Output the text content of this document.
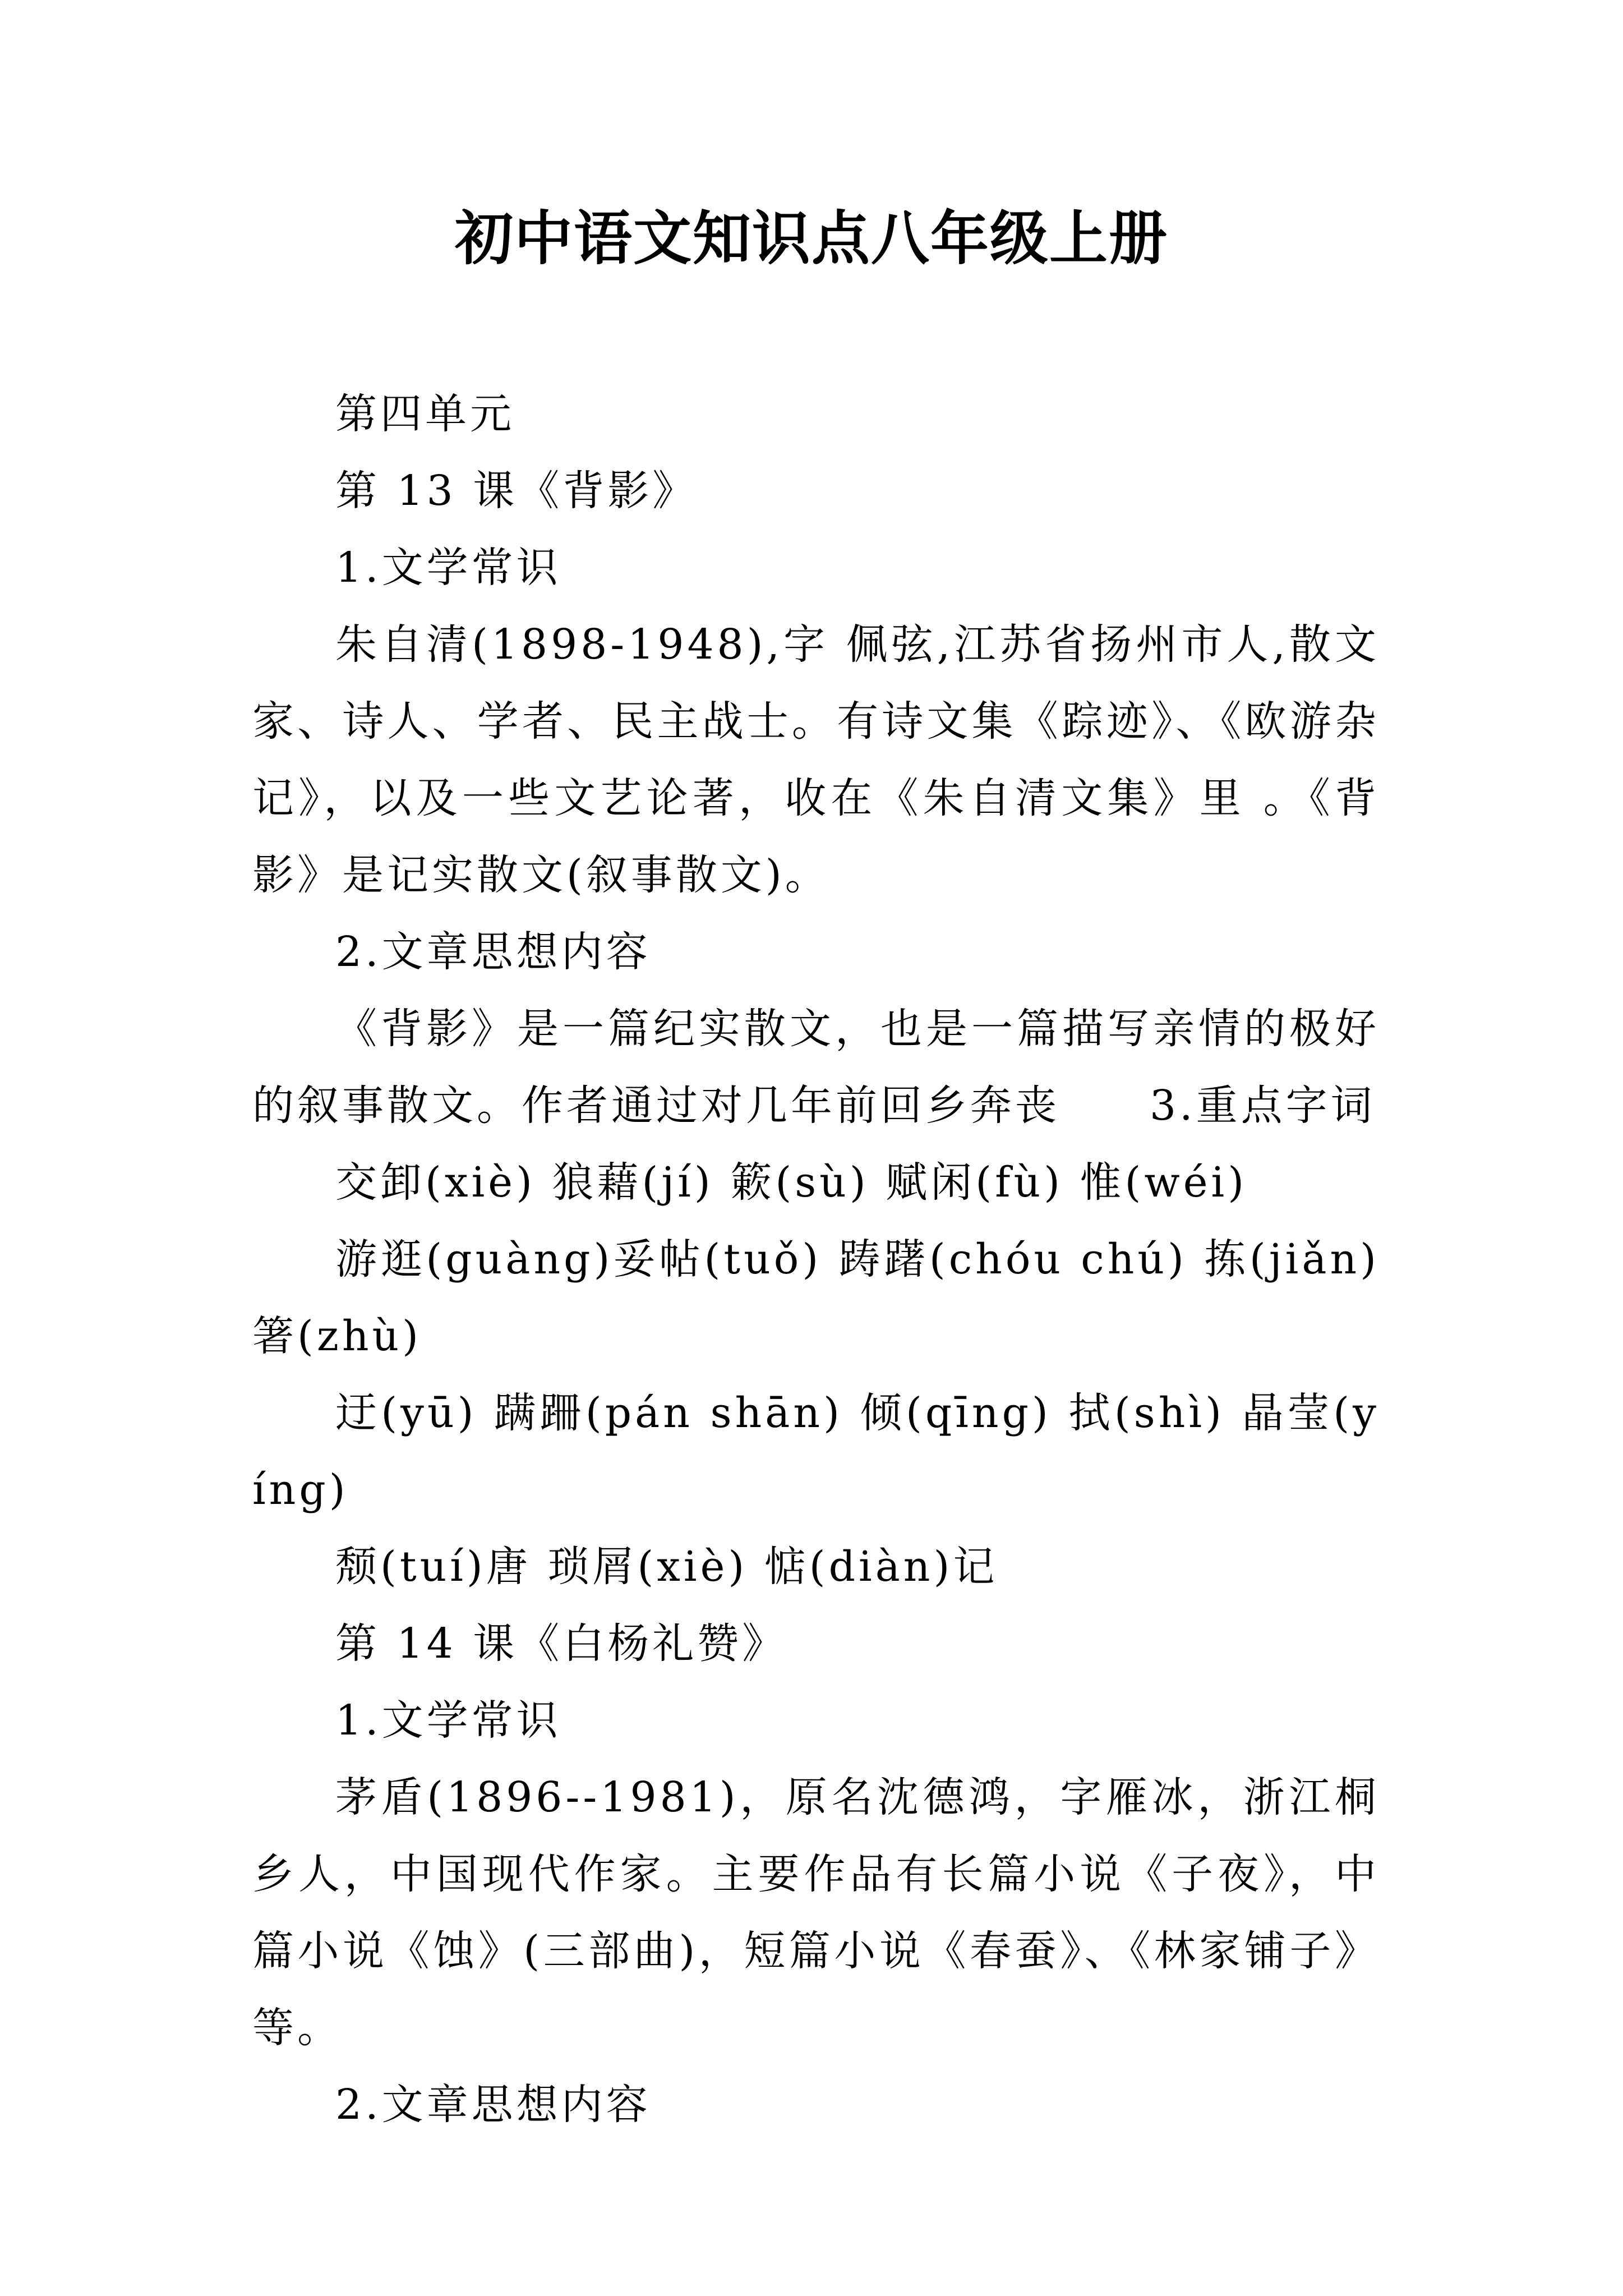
初中语文知识点八年级上册

第四单元

第 13 课《背影》

1.文学常识

朱自清(1898-1948),字 佩弦,江苏省扬州市人,散文家、诗人、学者、民主战士。有诗文集《踪迹》、《欧游杂记》，以及一些文艺论著，收在《朱自清文集》里 。《背影》是记实散文(叙事散文)。

2.文章思想内容

《背影》是一篇纪实散文，也是一篇描写亲情的极好的叙事散文。作者通过对几年前回乡奔丧　　3.重点字词

交卸(xiè) 狼藉(jí) 簌(sù) 赋闲(fù) 惟(wéi)

游逛(guàng)妥帖(tuǒ) 踌躇(chóu chú) 拣(jiǎn) 箸(zhù)

迂(yū) 蹒跚(pán shān) 倾(qīng) 拭(shì) 晶莹(yíng)

颓(tuí)唐 琐屑(xiè) 惦(diàn)记

第 14 课《白杨礼赞》

1.文学常识

茅盾(1896--1981)，原名沈德鸿，字雁冰，浙江桐乡人，中国现代作家。主要作品有长篇小说《子夜》，中篇小说《蚀》(三部曲)，短篇小说《春蚕》、《林家铺子》等。

2.文章思想内容
